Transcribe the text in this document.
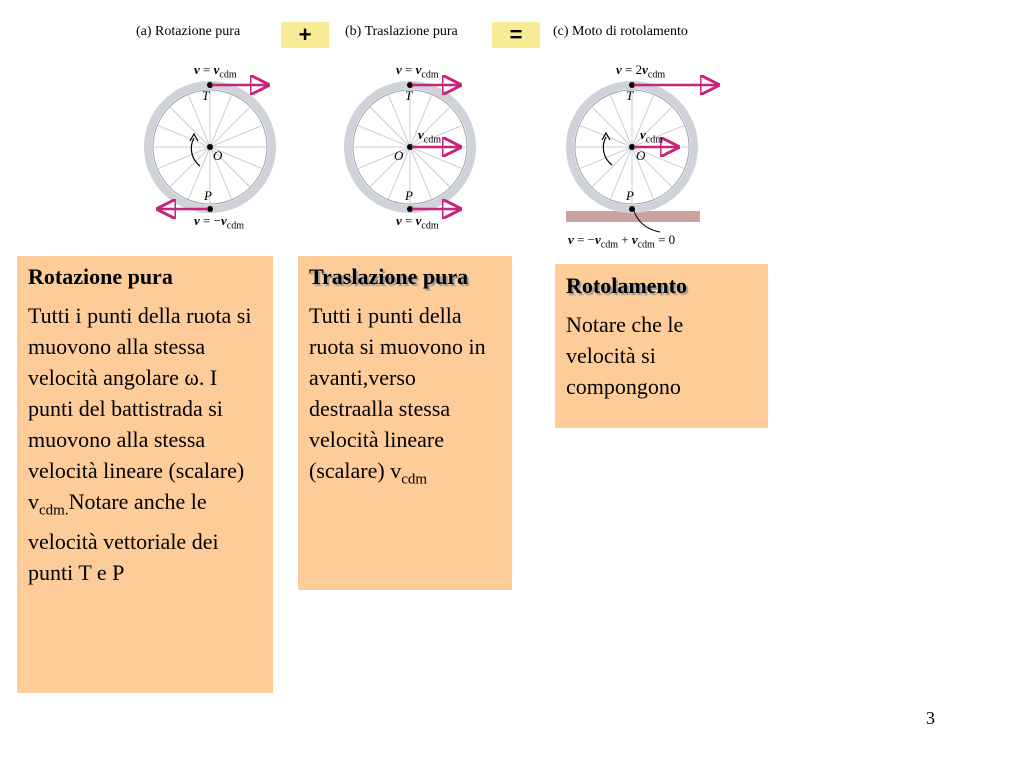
(a) Rotazione pura	+	(b) Traslazione pura	=	(c) Moto di rotolamento
$v = v_{cdm}$
T
O
P
$v = -v_{cdm}$
$v = v_{cdm}$
T
$v_{cdm}$
O
P
$v = v_{cdm}$
$v = 2v_{cdm}$
T
$v_{cdm}$
O
P
$v = -v_{cdm} + v_{cdm} = 0$
Rotazione pura

Tutti i punti della ruota si muovono alla stessa velocità angolare ω. I punti del battistrada si muovono alla stessa velocità lineare (scalare) $v_{cdm.}Notare$ anche le velocità vettoriale dei punti T e P

Traslazione pura

Tutti i punti della ruota si muovono in avanti,verso destraalla stessa velocità lineare (scalare) $v_{cdm}$

Rotolamento

Notare che le velocità si compongono

3
